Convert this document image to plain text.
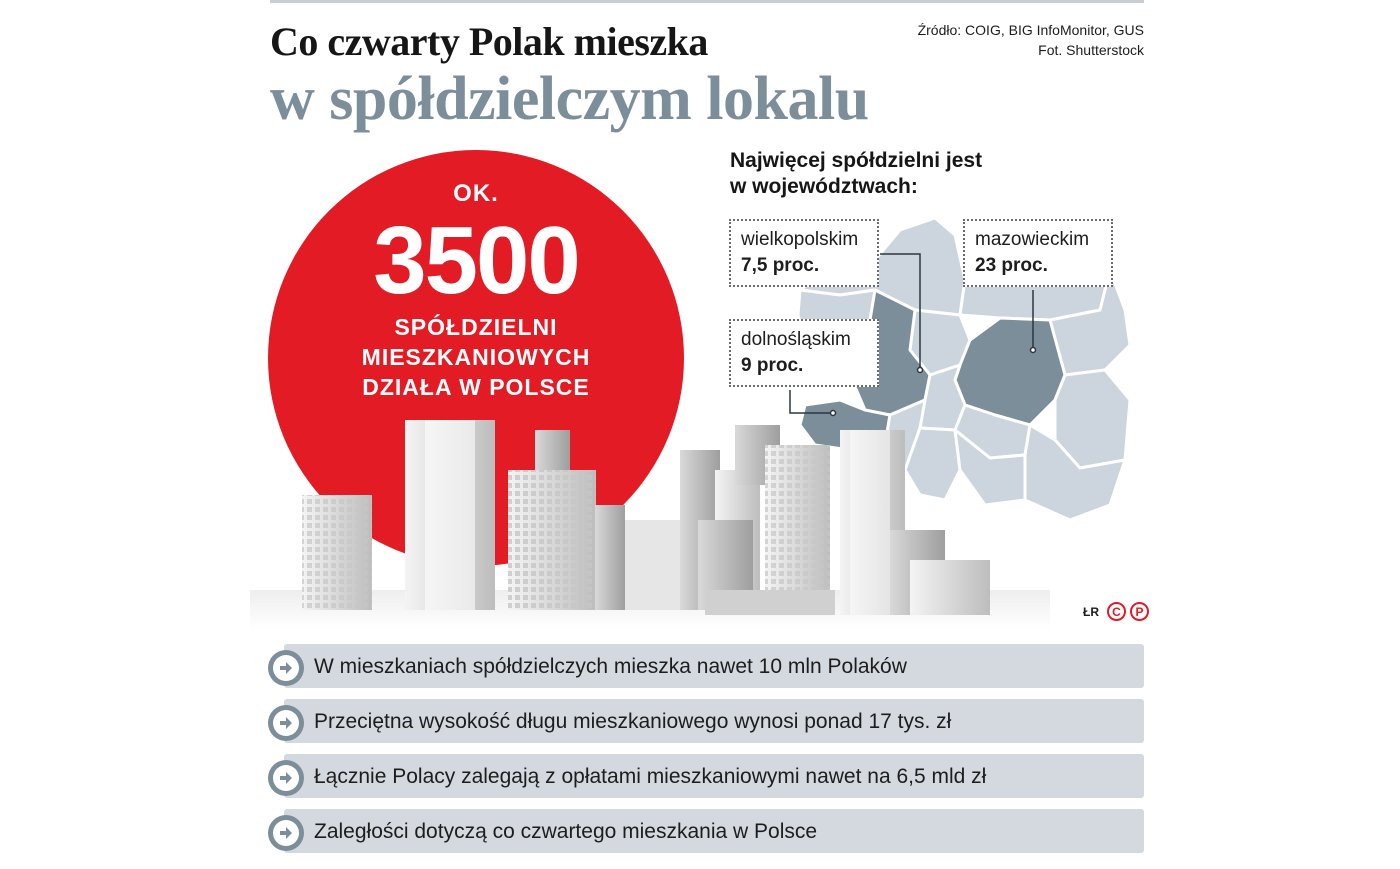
Co czwarty Polak mieszka
w spółdzielczym lokalu
Źródło: COIG, BIG InfoMonitor, GUS
Fot. Shutterstock
OK.
3500
SPÓŁDZIELNI
MIESZKANIOWYCH
DZIAŁA W POLSCE
Najwięcej spółdzielni jest
w województwach:
wielkopolskim
7,5 proc.
mazowieckim
23 proc.
dolnośląskim
9 proc.
ŁR	C	P
W mieszkaniach spółdzielczych mieszka nawet 10 mln Polaków
Przeciętna wysokość długu mieszkaniowego wynosi ponad 17 tys. zł
Łącznie Polacy zalegają z opłatami mieszkaniowymi nawet na 6,5 mld zł
Zaległości dotyczą co czwartego mieszkania w Polsce
